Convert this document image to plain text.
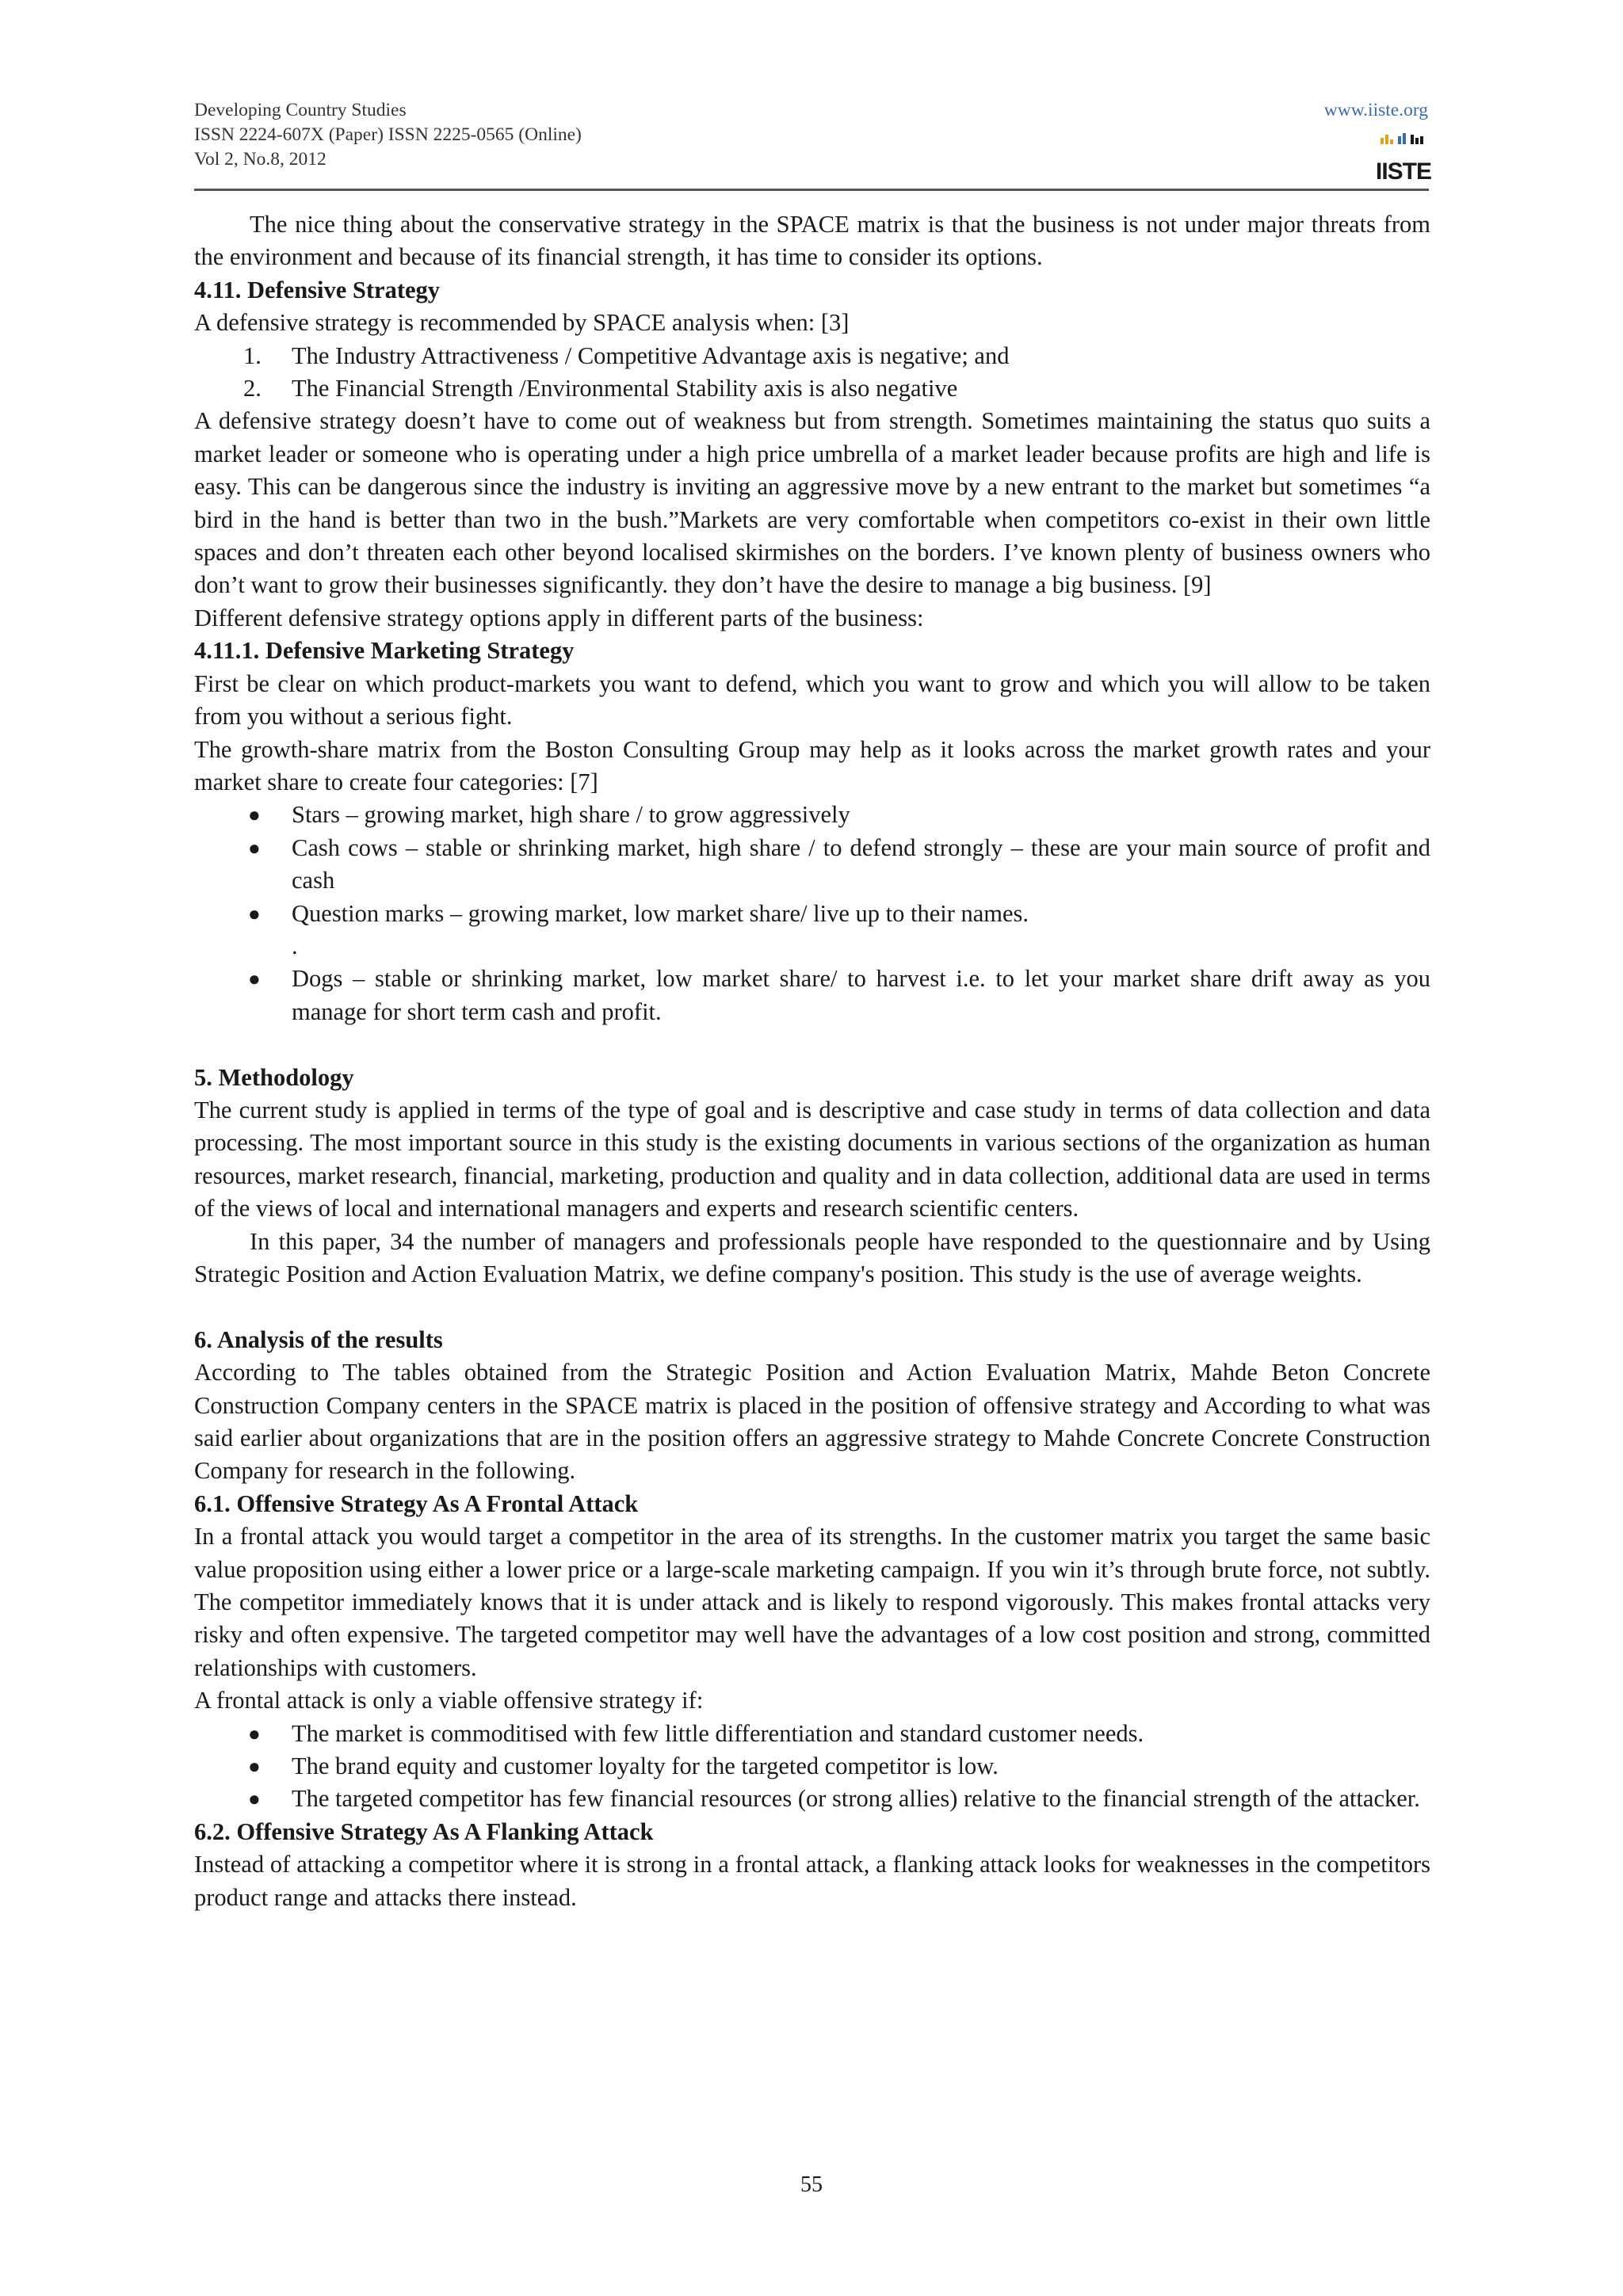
Developing Country Studies
ISSN 2224-607X (Paper) ISSN 2225-0565 (Online)
Vol 2, No.8, 2012
www.iiste.org
IISTE

The nice thing about the conservative strategy in the SPACE matrix is that the business is not under major threats from the environment and because of its financial strength, it has time to consider its options.

4.11. Defensive Strategy

A defensive strategy is recommended by SPACE analysis when: [3]

1. The Industry Attractiveness / Competitive Advantage axis is negative; and
2. The Financial Strength /Environmental Stability axis is also negative

A defensive strategy doesn’t have to come out of weakness but from strength. Sometimes maintaining the status quo suits a market leader or someone who is operating under a high price umbrella of a market leader because profits are high and life is easy. This can be dangerous since the industry is inviting an aggressive move by a new entrant to the market but sometimes “a bird in the hand is better than two in the bush.”Markets are very comfortable when competitors co-exist in their own little spaces and don’t threaten each other beyond localised skirmishes on the borders. I’ve known plenty of business owners who don’t want to grow their businesses significantly. they don’t have the desire to manage a big business. [9]

Different defensive strategy options apply in different parts of the business:

4.11.1. Defensive Marketing Strategy

First be clear on which product-markets you want to defend, which you want to grow and which you will allow to be taken from you without a serious fight.

The growth-share matrix from the Boston Consulting Group may help as it looks across the market growth rates and your market share to create four categories: [7]

● Stars – growing market, high share / to grow aggressively
● Cash cows – stable or shrinking market, high share / to defend strongly – these are your main source of profit and cash
● Question marks – growing market, low market share/ live up to their names.

.

● Dogs – stable or shrinking market, low market share/ to harvest i.e. to let your market share drift away as you manage for short term cash and profit.

5. Methodology

The current study is applied in terms of the type of goal and is descriptive and case study in terms of data collection and data processing. The most important source in this study is the existing documents in various sections of the organization as human resources, market research, financial, marketing, production and quality and in data collection, additional data are used in terms of the views of local and international managers and experts and research scientific centers.

In this paper, 34 the number of managers and professionals people have responded to the questionnaire and by Using Strategic Position and Action Evaluation Matrix, we define company's position. This study is the use of average weights.

6. Analysis of the results

According to The tables obtained from the Strategic Position and Action Evaluation Matrix, Mahde Beton Concrete Construction Company centers in the SPACE matrix is placed in the position of offensive strategy and According to what was said earlier about organizations that are in the position offers an aggressive strategy to Mahde Concrete Concrete Construction Company for research in the following.

6.1. Offensive Strategy As A Frontal Attack

In a frontal attack you would target a competitor in the area of its strengths. In the customer matrix you target the same basic value proposition using either a lower price or a large-scale marketing campaign. If you win it’s through brute force, not subtly. The competitor immediately knows that it is under attack and is likely to respond vigorously. This makes frontal attacks very risky and often expensive. The targeted competitor may well have the advantages of a low cost position and strong, committed relationships with customers.

A frontal attack is only a viable offensive strategy if:

● The market is commoditised with few little differentiation and standard customer needs.
● The brand equity and customer loyalty for the targeted competitor is low.
● The targeted competitor has few financial resources (or strong allies) relative to the financial strength of the attacker.

6.2. Offensive Strategy As A Flanking Attack

Instead of attacking a competitor where it is strong in a frontal attack, a flanking attack looks for weaknesses in the competitors product range and attacks there instead.

55
